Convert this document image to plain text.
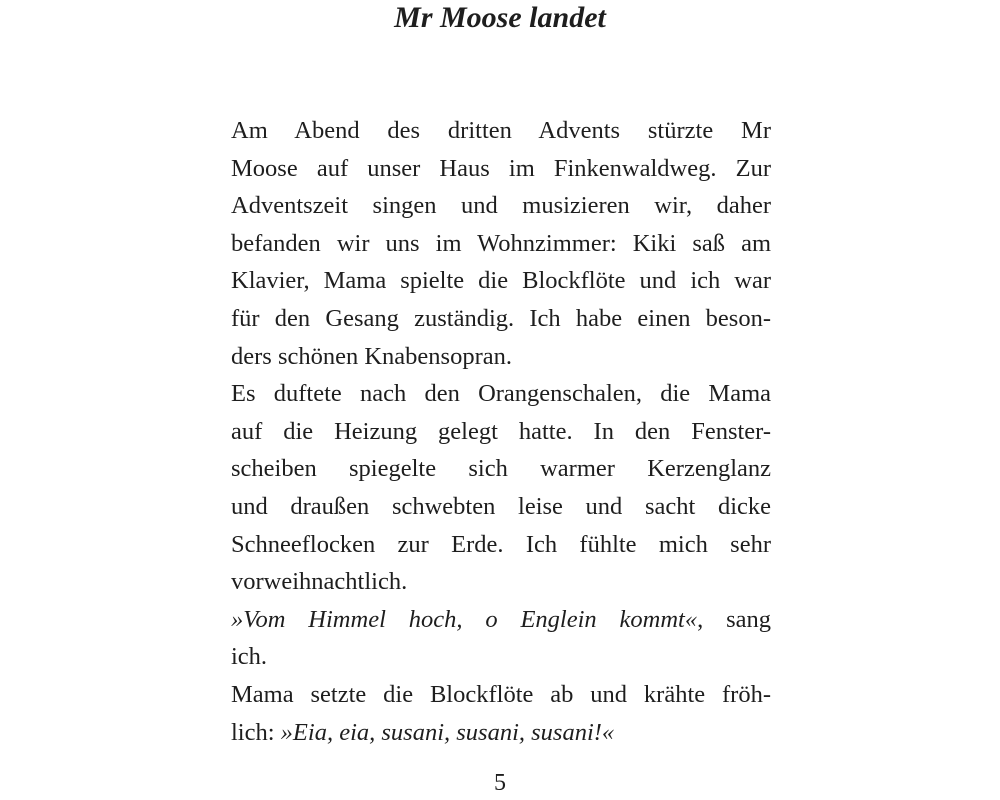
Mr Moose landet
Am Abend des dritten Advents stürzte Mr
Moose auf unser Haus im Finkenwaldweg. Zur
Adventszeit singen und musizieren wir, daher
befanden wir uns im Wohnzimmer: Kiki saß am
Klavier, Mama spielte die Blockflöte und ich war
für den Gesang zuständig. Ich habe einen beson-
ders schönen Knabensopran.
Es duftete nach den Orangenschalen, die Mama
auf die Heizung gelegt hatte. In den Fenster-
scheiben spiegelte sich warmer Kerzenglanz
und draußen schwebten leise und sacht dicke
Schneeflocken zur Erde. Ich fühlte mich sehr
vorweihnachtlich.
»Vom Himmel hoch, o Englein kommt«, sang
ich.
Mama setzte die Blockflöte ab und krähte fröh-
lich: »Eia, eia, susani, susani, susani!«
5
